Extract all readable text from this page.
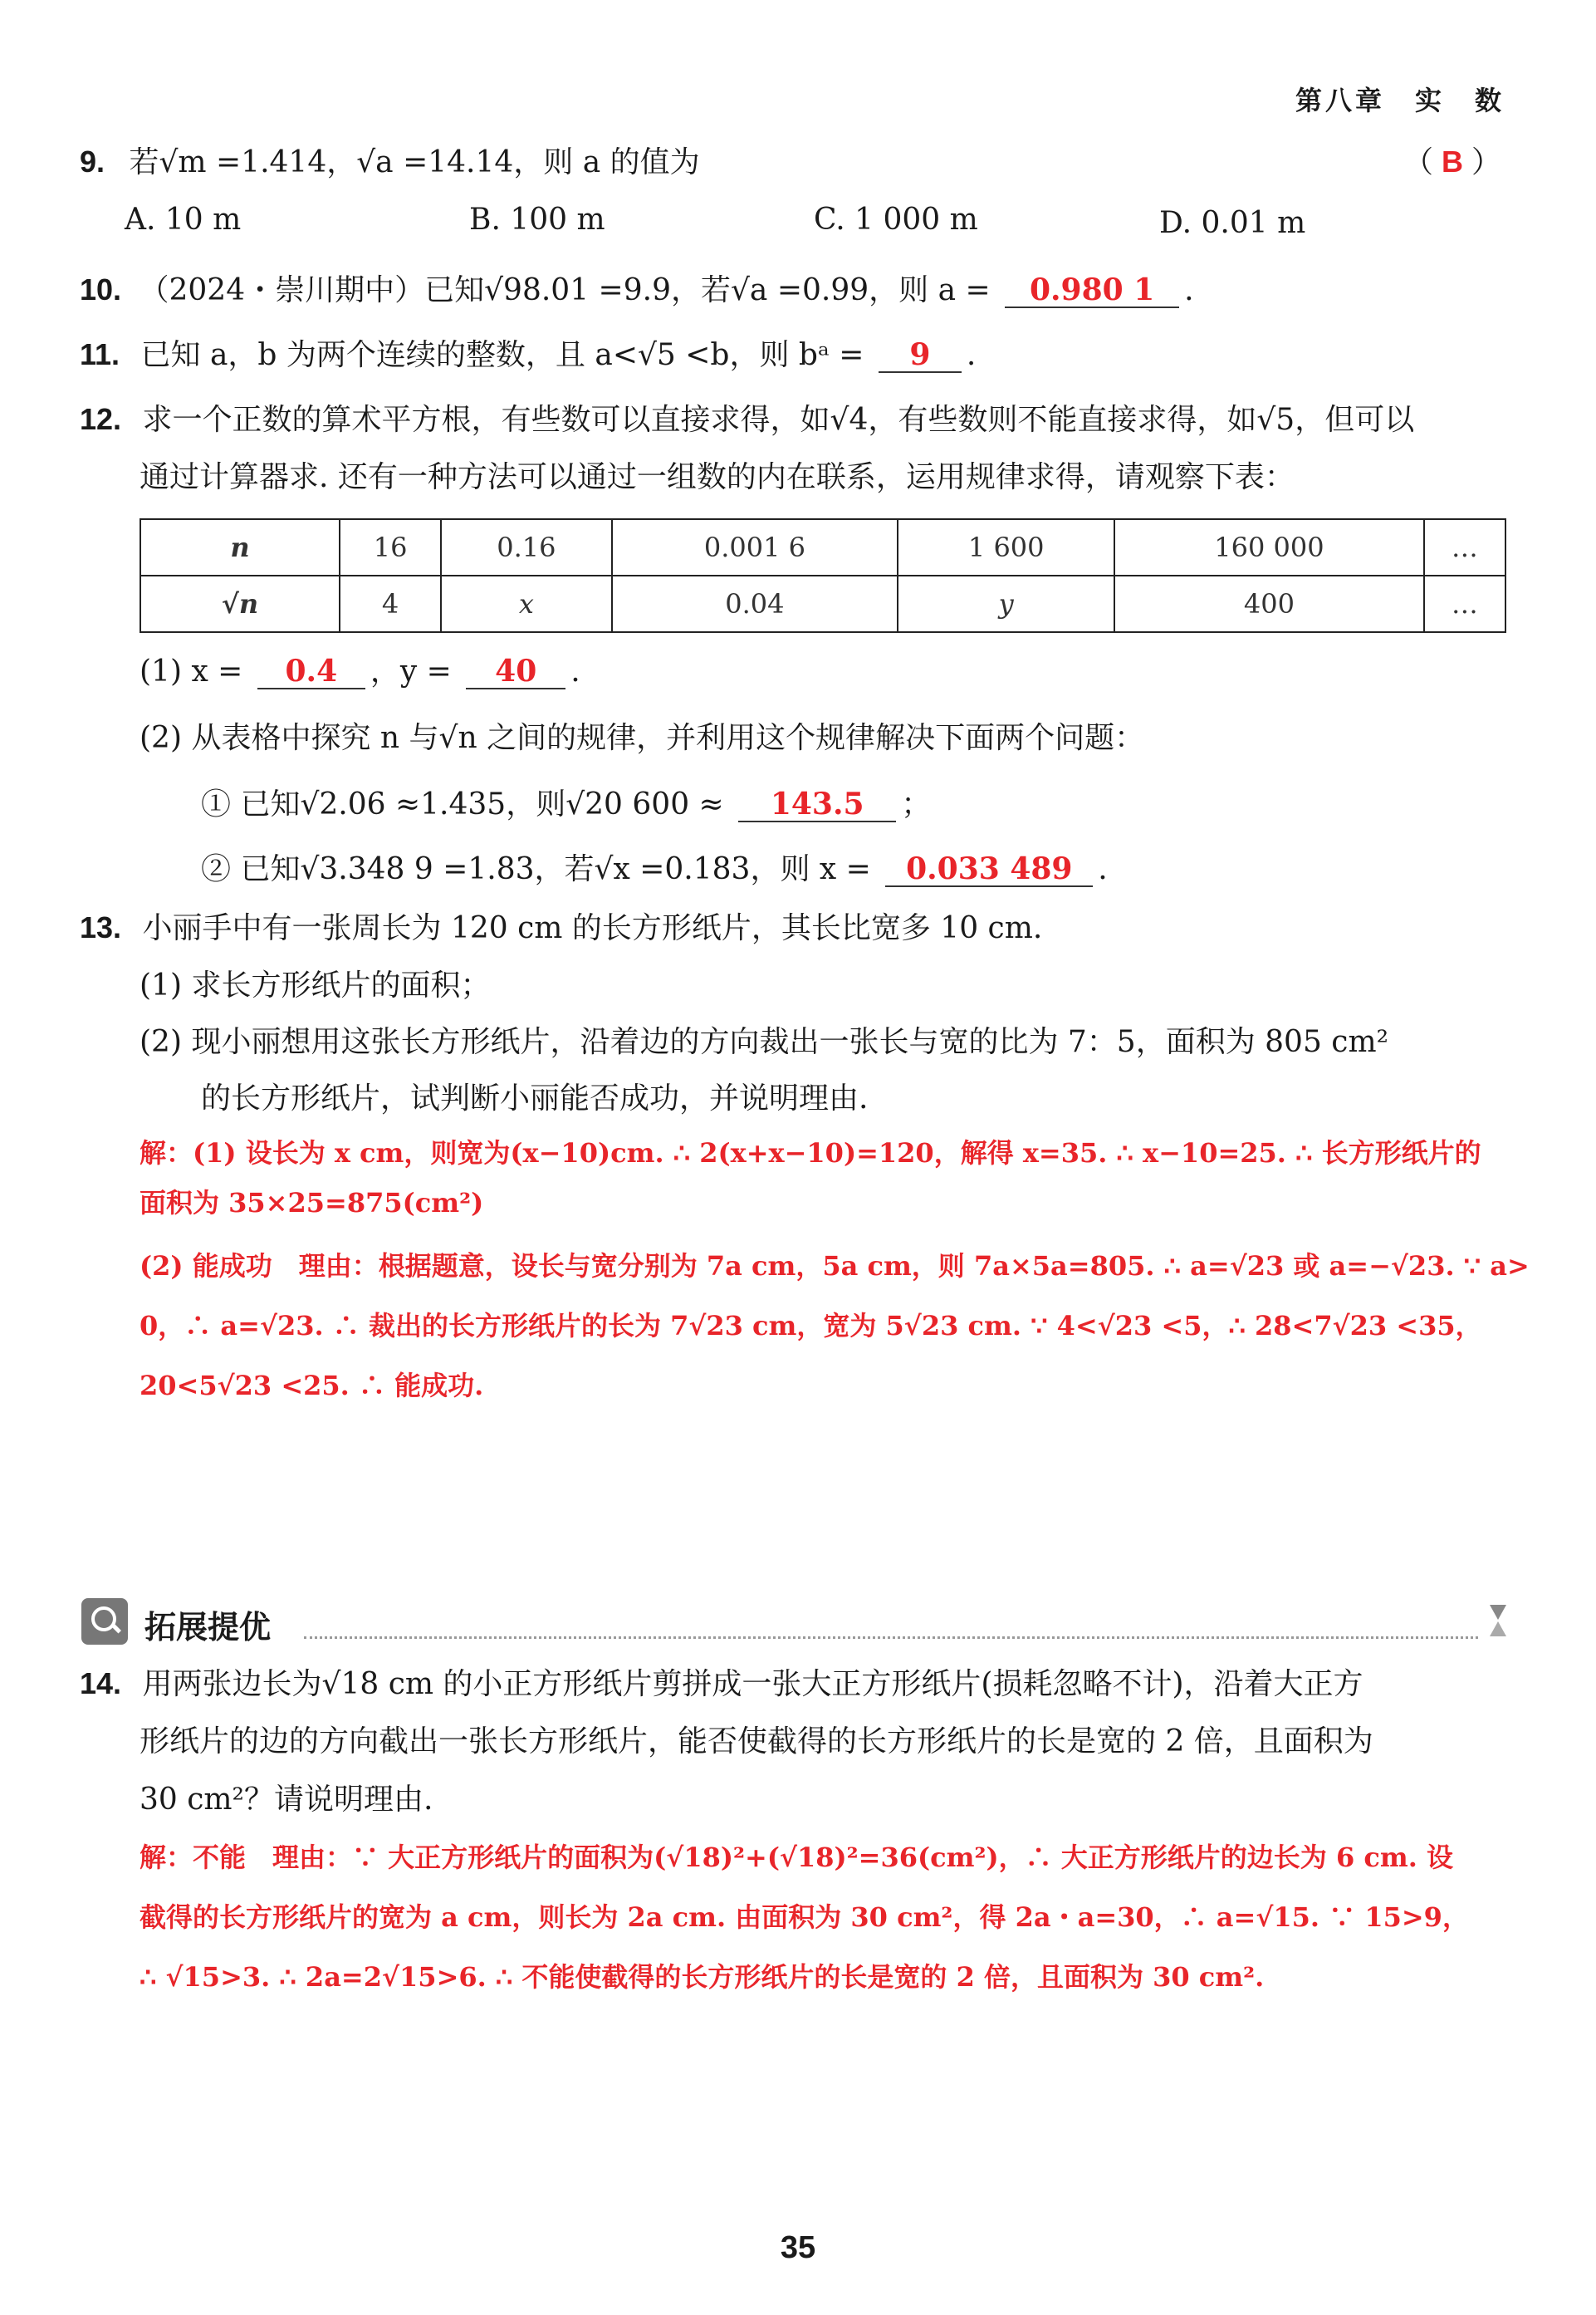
第八章　实　数
9. 若√m =1.414，√a =14.14，则 a 的值为	（ B ）
A. 10 m	B. 100 m	C. 1 000 m	D. 0.01 m
10. （2024・崇川期中）已知√98.01 =9.9，若√a =0.99，则 a = 0.980 1 .
11. 已知 a，b 为两个连续的整数，且 a<√5 <b，则 bᵃ = 9 .
12. 求一个正数的算术平方根，有些数可以直接求得，如√4，有些数则不能直接求得，如√5，但可以
通过计算器求. 还有一种方法可以通过一组数的内在联系，运用规律求得，请观察下表：
n	16	0.16	0.001 6	1 600	160 000	…
√n	4	x	0.04	y	400	…
(1) x = 0.4 ，y = 40 .
(2) 从表格中探究 n 与√n 之间的规律，并利用这个规律解决下面两个问题：
① 已知√2.06 ≈1.435，则√20 600 ≈ 143.5 ；
② 已知√3.348 9 =1.83，若√x =0.183，则 x = 0.033 489 .
13. 小丽手中有一张周长为 120 cm 的长方形纸片，其长比宽多 10 cm.
(1) 求长方形纸片的面积；
(2) 现小丽想用这张长方形纸片，沿着边的方向裁出一张长与宽的比为 7：5，面积为 805 cm²
的长方形纸片，试判断小丽能否成功，并说明理由.
解：(1) 设长为 x cm，则宽为(x−10)cm. ∴ 2(x+x−10)=120，解得 x=35. ∴ x−10=25. ∴ 长方形纸片的
面积为 35×25=875(cm²)
(2) 能成功　理由：根据题意，设长与宽分别为 7a cm，5a cm，则 7a×5a=805. ∴ a=√23 或 a=−√23. ∵ a>
0，∴ a=√23. ∴ 裁出的长方形纸片的长为 7√23 cm，宽为 5√23 cm. ∵ 4<√23 <5，∴ 28<7√23 <35，
20<5√23 <25. ∴ 能成功.
拓展提优
14. 用两张边长为√18 cm 的小正方形纸片剪拼成一张大正方形纸片(损耗忽略不计)，沿着大正方
形纸片的边的方向截出一张长方形纸片，能否使截得的长方形纸片的长是宽的 2 倍，且面积为
30 cm²？请说明理由.
解：不能　理由：∵ 大正方形纸片的面积为(√18)²+(√18)²=36(cm²)，∴ 大正方形纸片的边长为 6 cm. 设
截得的长方形纸片的宽为 a cm，则长为 2a cm. 由面积为 30 cm²，得 2a・a=30，∴ a=√15. ∵ 15>9，
∴ √15>3. ∴ 2a=2√15>6. ∴ 不能使截得的长方形纸片的长是宽的 2 倍，且面积为 30 cm².
35
